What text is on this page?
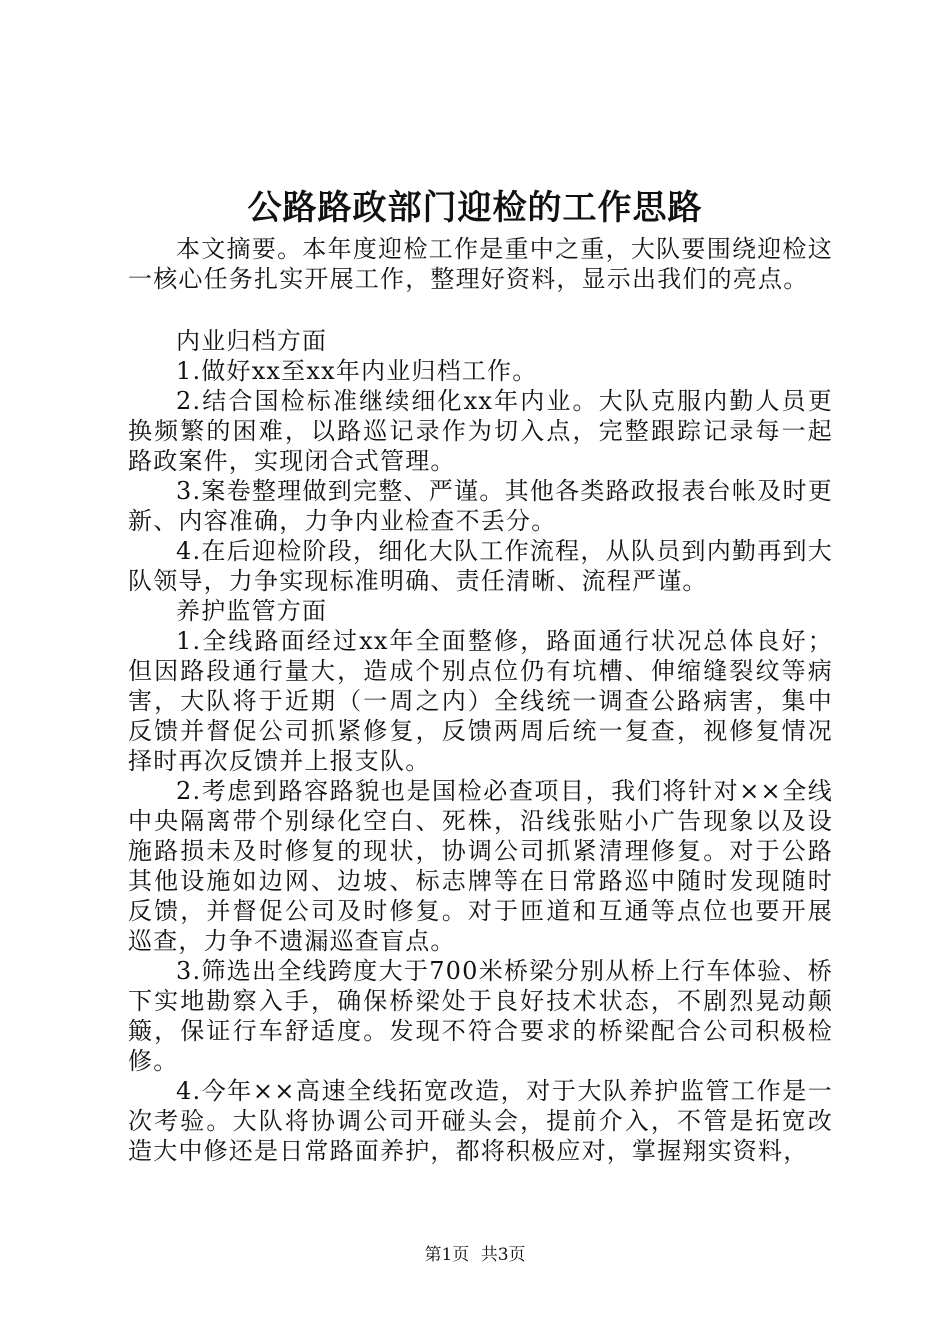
公路路政部门迎检的工作思路

本文摘要。本年度迎检工作是重中之重，大队要围绕迎检这一核心任务扎实开展工作，整理好资料，显示出我们的亮点。

内业归档方面

1.做好xx至xx年内业归档工作。

2.结合国检标准继续细化xx年内业。大队克服内勤人员更换频繁的困难，以路巡记录作为切入点，完整跟踪记录每一起路政案件，实现闭合式管理。

3.案卷整理做到完整、严谨。其他各类路政报表台帐及时更新、内容准确，力争内业检查不丢分。

4.在后迎检阶段，细化大队工作流程，从队员到内勤再到大队领导，力争实现标准明确、责任清晰、流程严谨。

养护监管方面

1.全线路面经过xx年全面整修，路面通行状况总体良好；但因路段通行量大，造成个别点位仍有坑槽、伸缩缝裂纹等病害，大队将于近期（一周之内）全线统一调查公路病害，集中反馈并督促公司抓紧修复，反馈两周后统一复查，视修复情况择时再次反馈并上报支队。

2.考虑到路容路貌也是国检必查项目，我们将针对××全线中央隔离带个别绿化空白、死株，沿线张贴小广告现象以及设施路损未及时修复的现状，协调公司抓紧清理修复。对于公路其他设施如边网、边坡、标志牌等在日常路巡中随时发现随时反馈，并督促公司及时修复。对于匝道和互通等点位也要开展巡查，力争不遗漏巡查盲点。

3.筛选出全线跨度大于700米桥梁分别从桥上行车体验、桥下实地勘察入手，确保桥梁处于良好技术状态，不剧烈晃动颠簸，保证行车舒适度。发现不符合要求的桥梁配合公司积极检修。

4.今年××高速全线拓宽改造，对于大队养护监管工作是一次考验。大队将协调公司开碰头会，提前介入，不管是拓宽改造大中修还是日常路面养护，都将积极应对，掌握翔实资料，

第1页 共3页
